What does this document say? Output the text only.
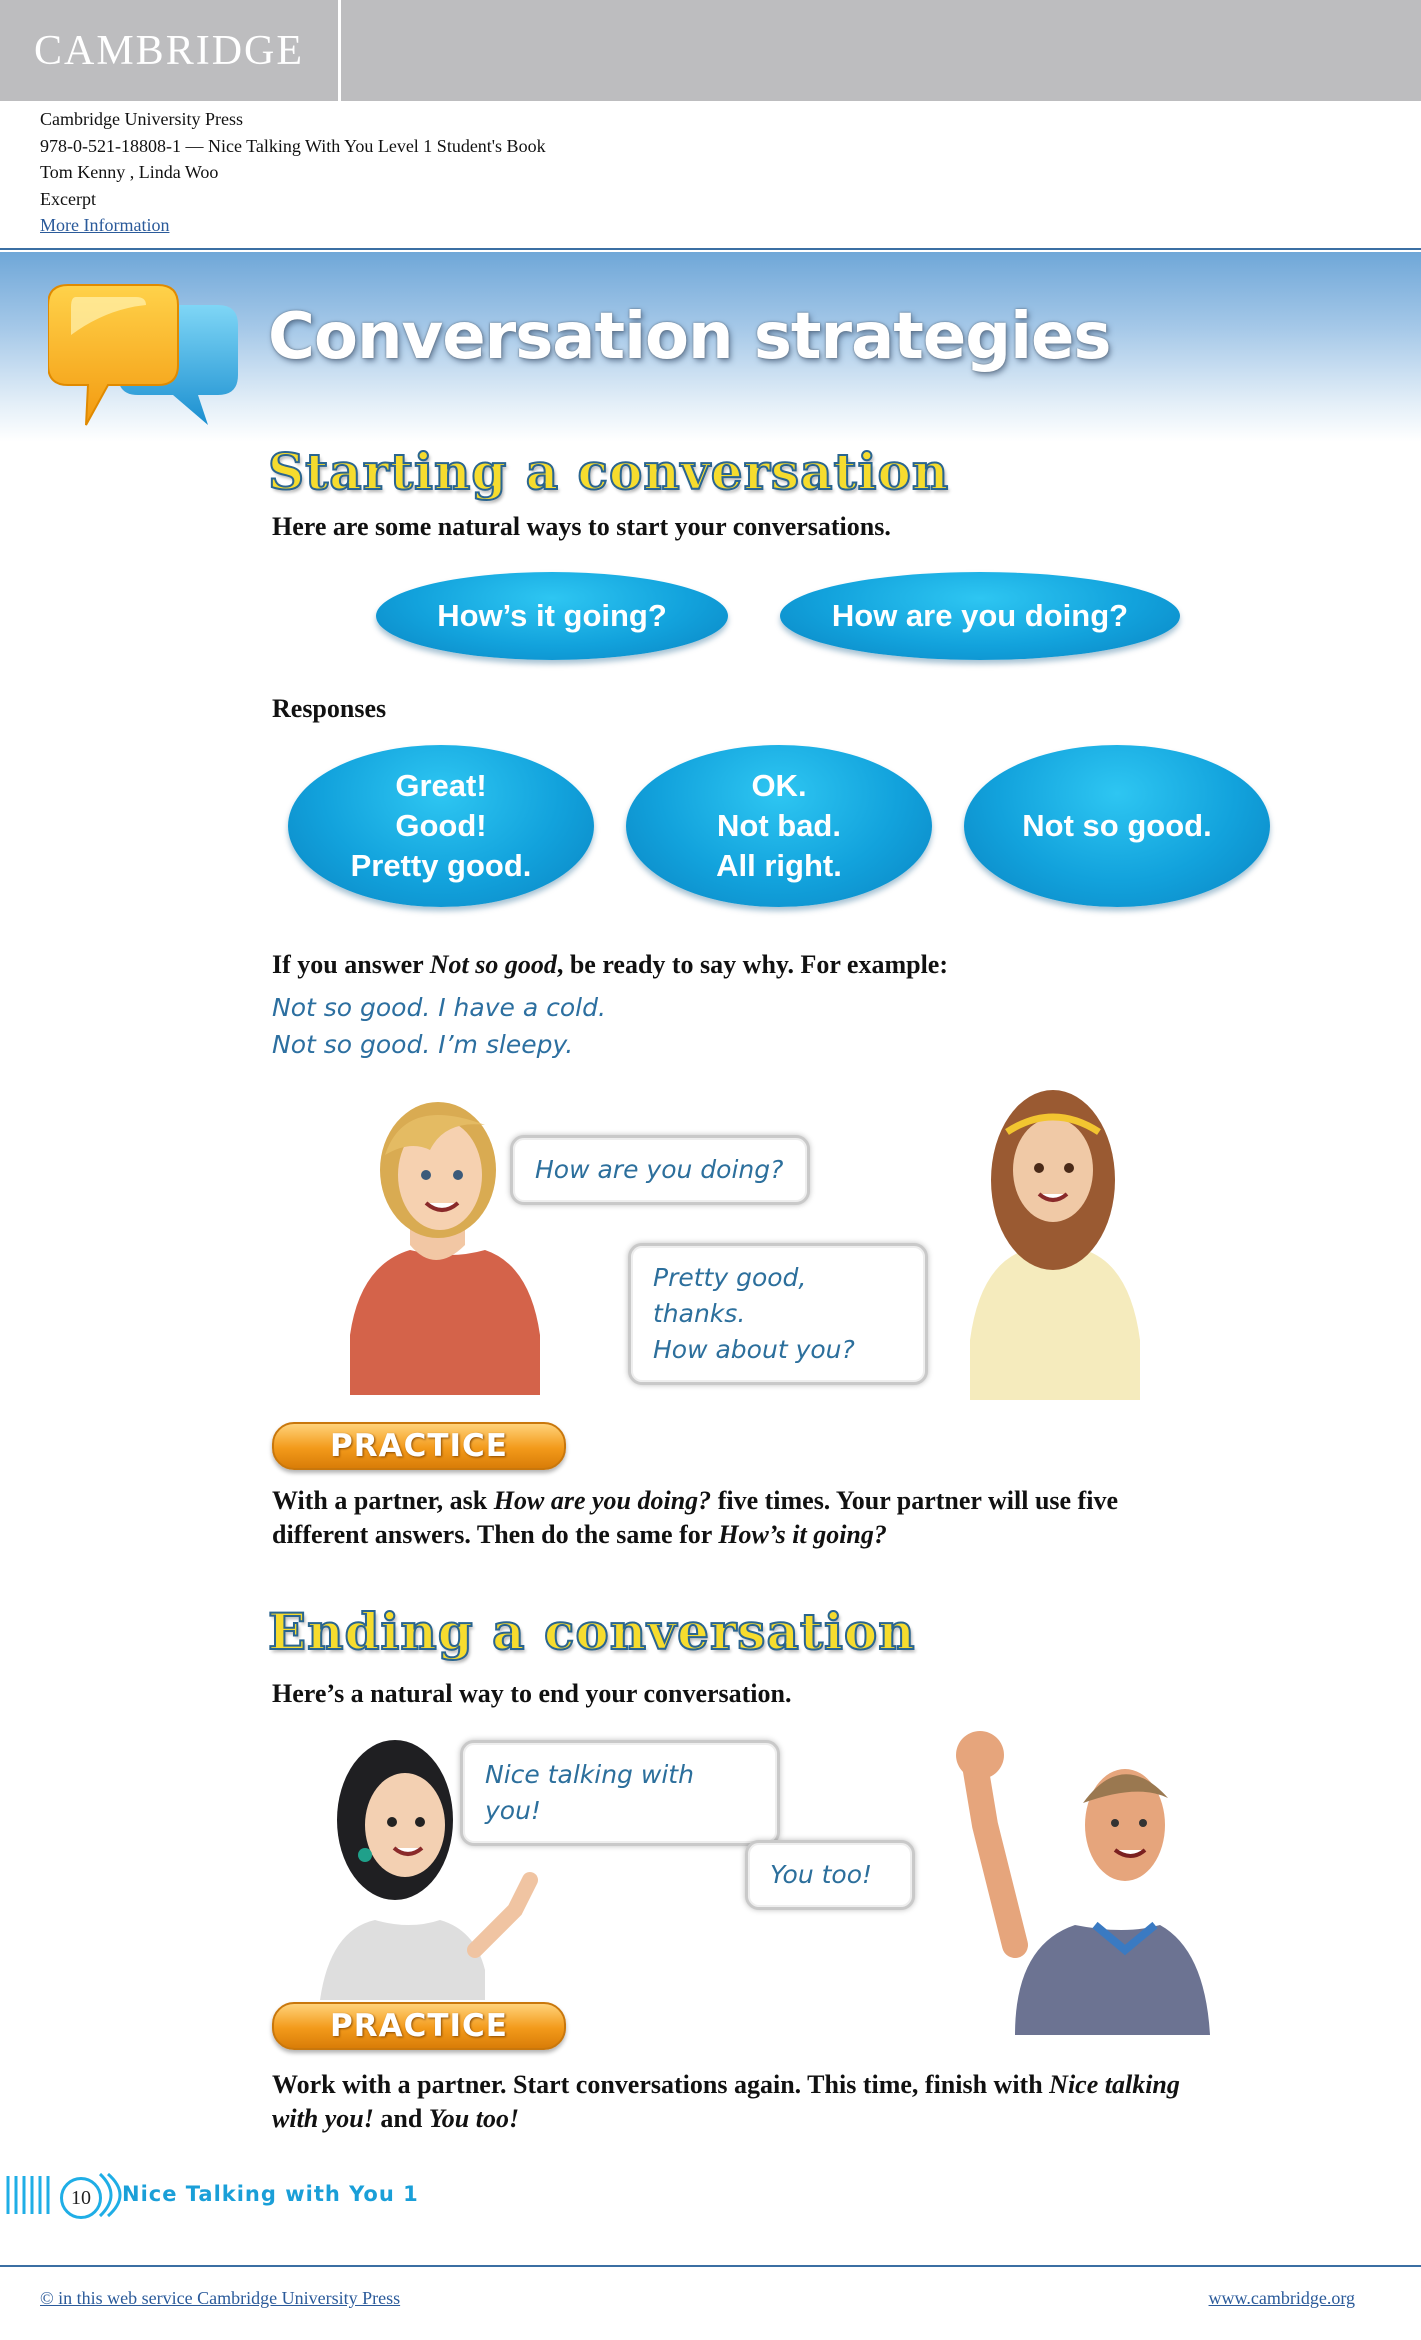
CAMBRIDGE
Cambridge University Press
978-0-521-18808-1 — Nice Talking With You Level 1 Student's Book
Tom Kenny , Linda Woo
Excerpt
More Information
Conversation strategies
Starting a conversation
Here are some natural ways to start your conversations.
How’s it going?	How are you doing?
Responses
Great!
Good!
Pretty good.
OK.
Not bad.
All right.
Not so good.
If you answer Not so good, be ready to say why. For example:
Not so good. I have a cold.
Not so good. I’m sleepy.
How are you doing?
Pretty good, thanks.
How about you?
PRACTICE
With a partner, ask How are you doing? five times. Your partner will use five
different answers. Then do the same for How’s it going?
Ending a conversation
Here’s a natural way to end your conversation.
Nice talking with you!
You too!
PRACTICE
Work with a partner. Start conversations again. This time, finish with Nice talking
with you! and You too!
10	Nice Talking with You 1
© in this web service Cambridge University Press	www.cambridge.org
